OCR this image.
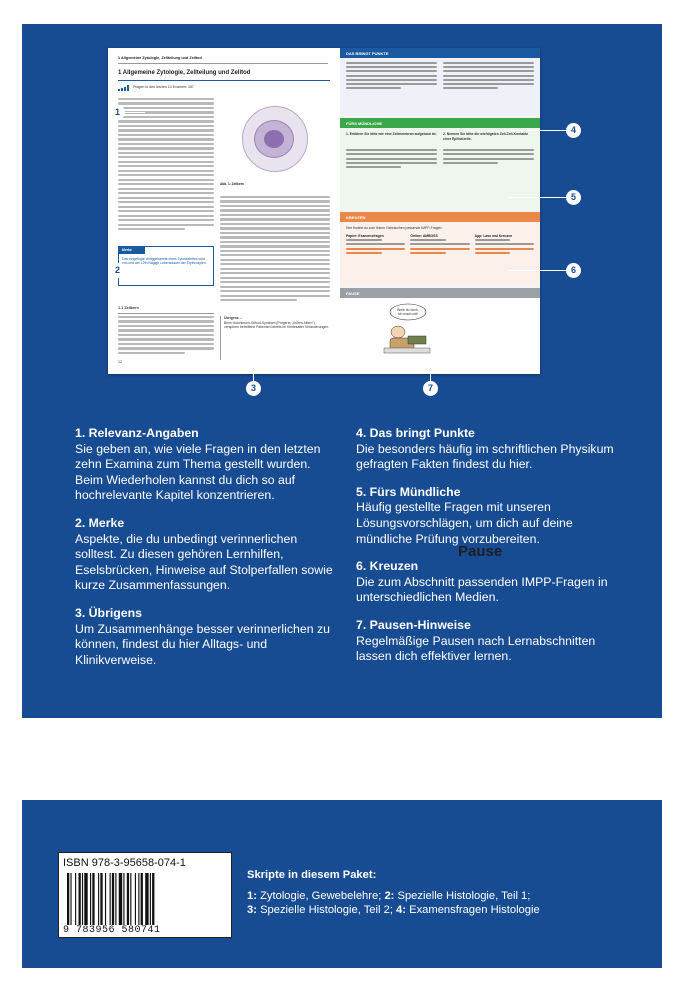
1 Allgemeine Zytologie, Zellteilung und Zelltod
1 Allgemeine Zytologie, Zellteilung und Zelltod
Fragen in den letzten 10 Examen: 157
Abb. 1: Zellkern
Merke
Das eingefügte Wiriggenannte eines Zytoskelettes wird von und der 12th Nägige Lebensdauer der Erythrozyten.
1.1 Zellkern
Übrigens ...
Beim Hutchinson-Gilford-Syndrom (Progerie, „frühes Altern“) verspüren betroffene Patienten bereits im Kindesalter Veränderungen.
12
DAS BRINGT PUNKTE
FÜRS MÜNDLICHE
1. Erklären Sie bitte wie eine Zellmembran aufgebaut ist. 2. Nennen Sie bitte die wichtigsten Zell-Zell-Kontakte einer Epithelzelle.
KREUZEN
Hier findest du zum linken Gebrauchen passende IMPP-Fragen:
Papier: Examensfragen	Online: AMBOSS	App: Lass mal Kreuzen
PAUSE
Bleib du doch,
ich mach mit!
Pause
1
2
3
4
5
6
7
1. Relevanz-Angaben
Sie geben an, wie viele Fragen in den letzten zehn Examina zum Thema gestellt wurden. Beim Wiederholen kannst du dich so auf hochrelevante Kapitel konzentrieren.
2. Merke
Aspekte, die du unbedingt verinnerlichen solltest. Zu diesen gehören Lernhilfen, Eselsbrücken, Hinweise auf Stolperfallen sowie kurze Zusammenfassungen.
3. Übrigens
Um Zusammenhänge besser verinnerlichen zu können, findest du hier Alltags- und Klinikverweise.
4. Das bringt Punkte
Die besonders häufig im schriftlichen Physikum gefragten Fakten findest du hier.
5. Fürs Mündliche
Häufig gestellte Fragen mit unseren Lösungsvorschlägen, um dich auf deine mündliche Prüfung vorzubereiten.
6. Kreuzen
Die zum Abschnitt passenden IMPP-Fragen in unterschiedlichen Medien.
7. Pausen-Hinweise
Regelmäßige Pausen nach Lernabschnitten lassen dich effektiver lernen.
ISBN 978-3-95658-074-1
9 783956 580741
Skripte in diesem Paket:
1: Zytologie, Gewebelehre; 2: Spezielle Histologie, Teil 1;
3: Spezielle Histologie, Teil 2; 4: Examensfragen Histologie
